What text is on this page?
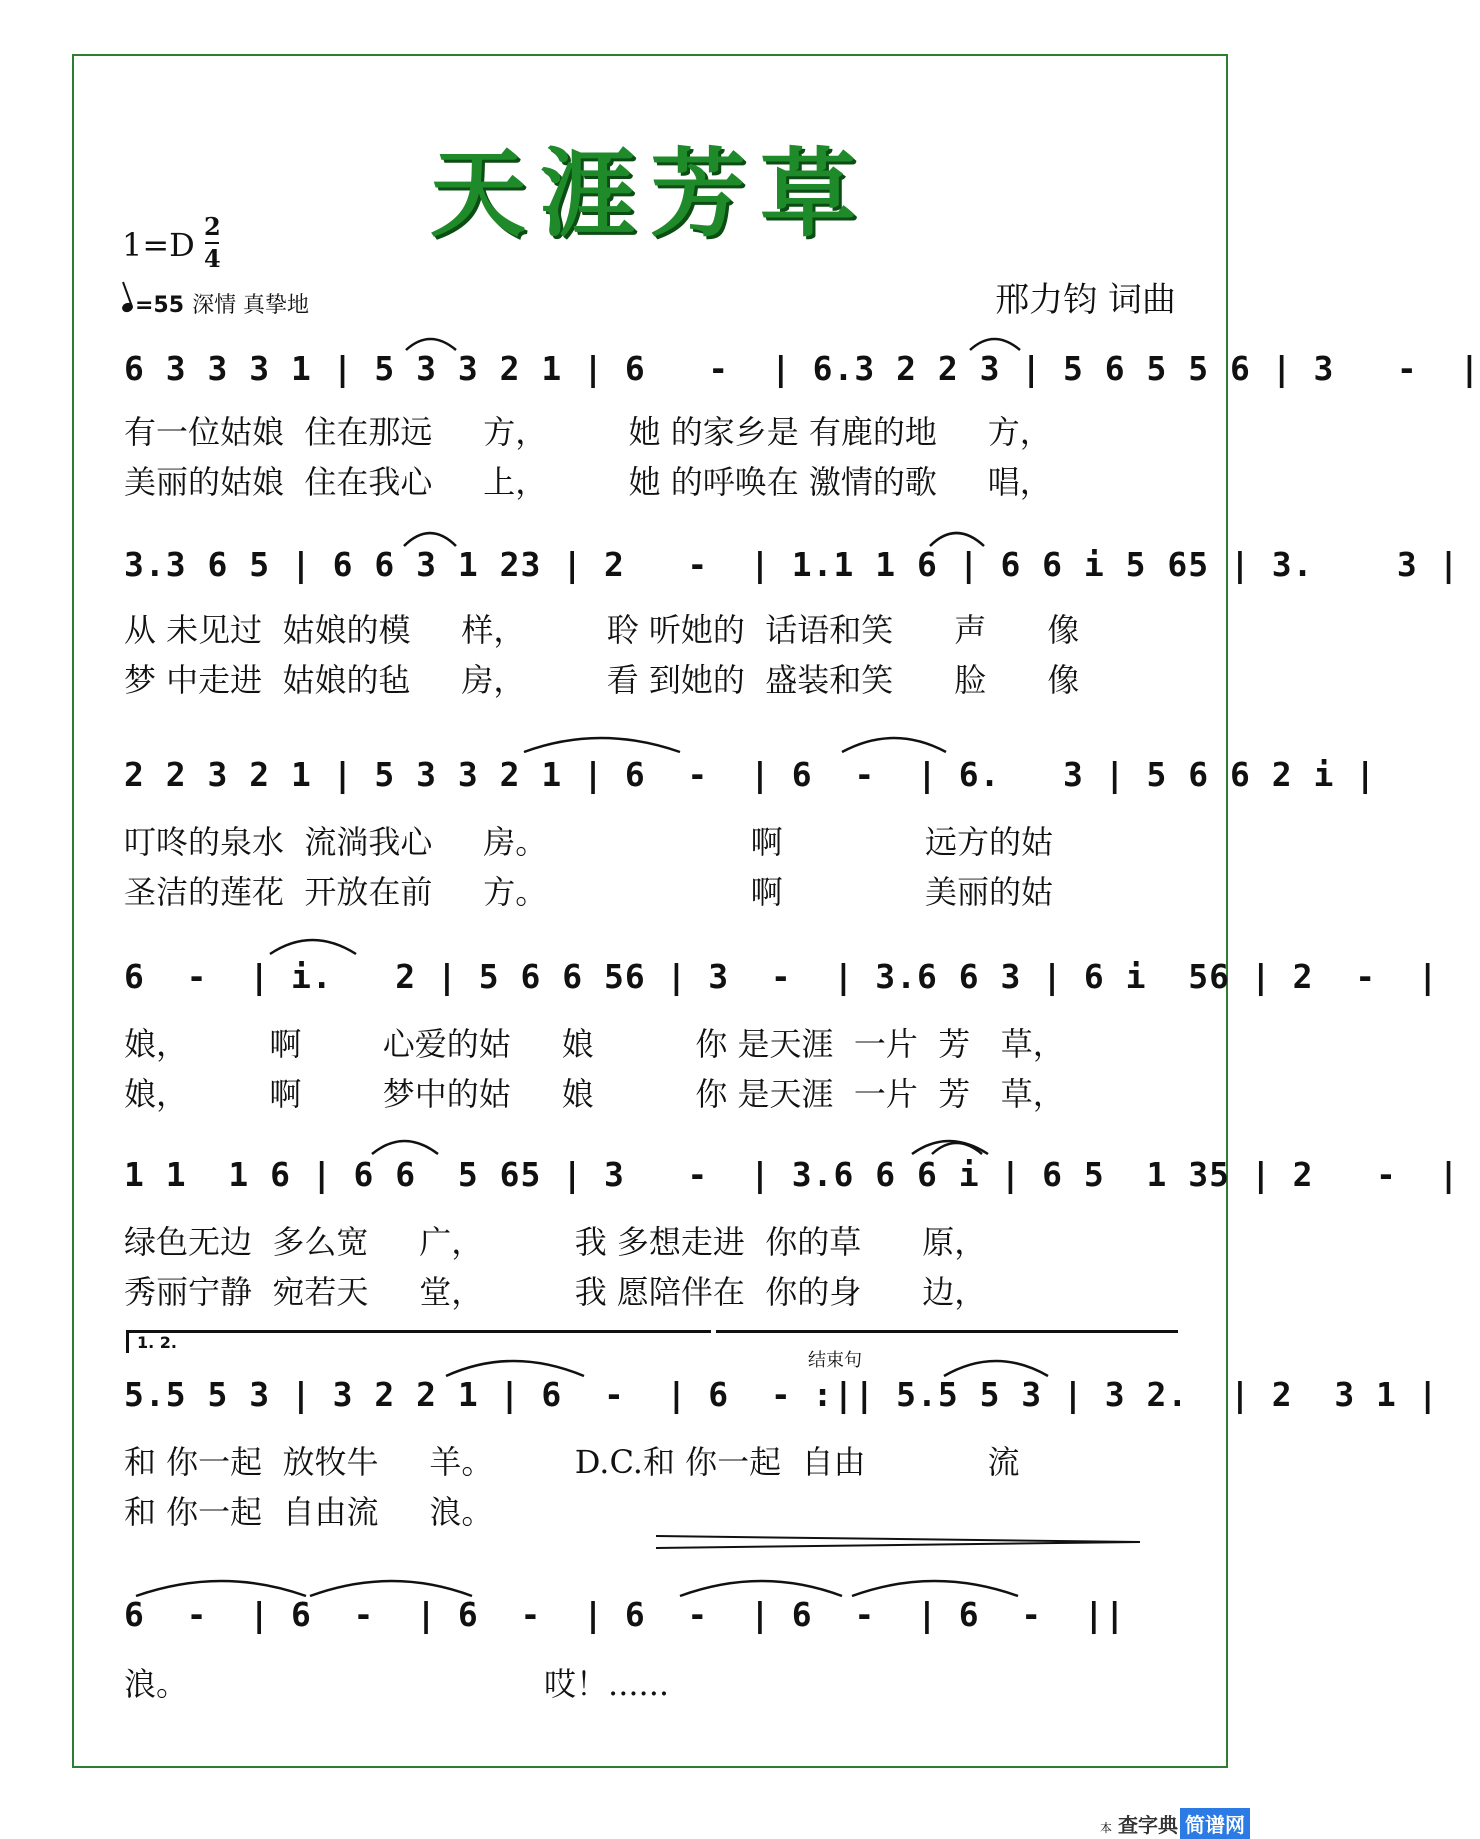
天涯芳草
1=D 2
4
=55 深情 真挚地	邢力钧 词曲
6 3 3 3 1 | 5 3 3 2 1 | 6   -  | 6.3 2 2 3 | 5 6 5 5 6 | 3   -  |
有一位姑娘  住在那远     方，        她 的家乡是 有鹿的地     方，
美丽的姑娘  住在我心     上，        她 的呼唤在 激情的歌     唱，
3.3 6 5 | 6 6 3 1 23 | 2   -  | 1.1 1 6 | 6 6 i 5 65 | 3.    3 |
从 未见过  姑娘的模     样，        聆 听她的  话语和笑      声      像
梦 中走进  姑娘的毡     房，        看 到她的  盛装和笑      脸      像
2 2 3 2 1 | 5 3 3 2 1 | 6  -  | 6  -  | 6.   3 | 5 6 6 2 i |
叮咚的泉水  流淌我心     房。                    啊              远方的姑
圣洁的莲花  开放在前     方。                    啊              美丽的姑
6  -  | i.   2 | 5 6 6 56 | 3  -  | 3.6 6 3 | 6 i  56 | 2  -  |
娘，        啊        心爱的姑     娘          你 是天涯  一片  芳   草，
娘，        啊        梦中的姑     娘          你 是天涯  一片  芳   草，
1 1  1 6 | 6 6  5 65 | 3   -  | 3.6 6 6 i | 6 5  1 35 | 2   -  |
绿色无边  多么宽     广，         我 多想走进  你的草      原，
秀丽宁静  宛若天     堂，         我 愿陪伴在  你的身      边，
1. 2.
结束句
5.5 5 3 | 3 2 2 1 | 6  -  | 6  - :|| 5.5 5 3 | 3 2.  | 2  3 1 |
和 你一起  放牧牛     羊。        D.C.和 你一起  自由            流
和 你一起  自由流     浪。
6  -  | 6  -  | 6  -  | 6  -  | 6  -  | 6  -  ||
浪。                                   哎！......
本 查字典 简谱网
